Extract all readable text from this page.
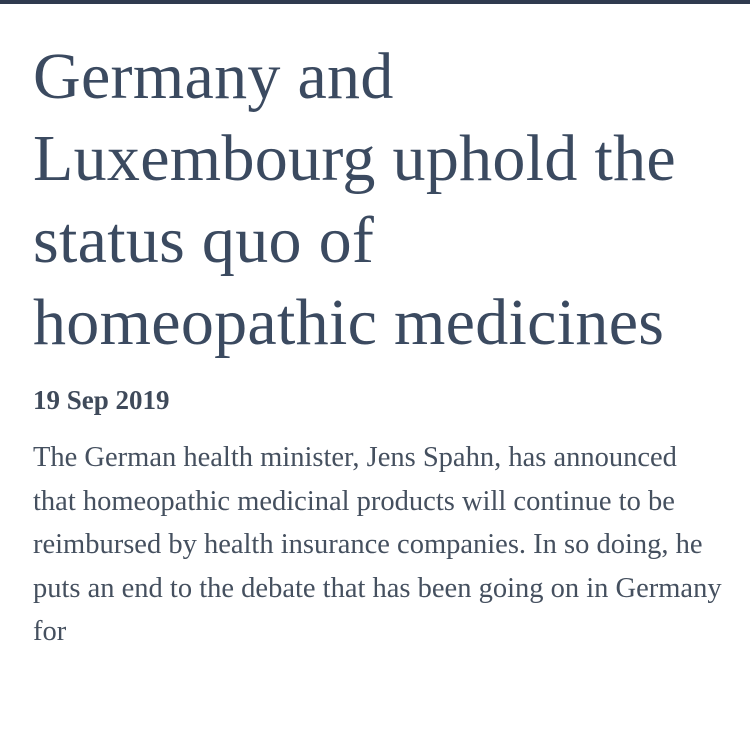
Germany and Luxembourg uphold the status quo of homeopathic medicines
19 Sep 2019

The German health minister, Jens Spahn, has announced that homeopathic medicinal products will continue to be reimbursed by health insurance companies. In so doing, he puts an end to the debate that has been going on in Germany for
